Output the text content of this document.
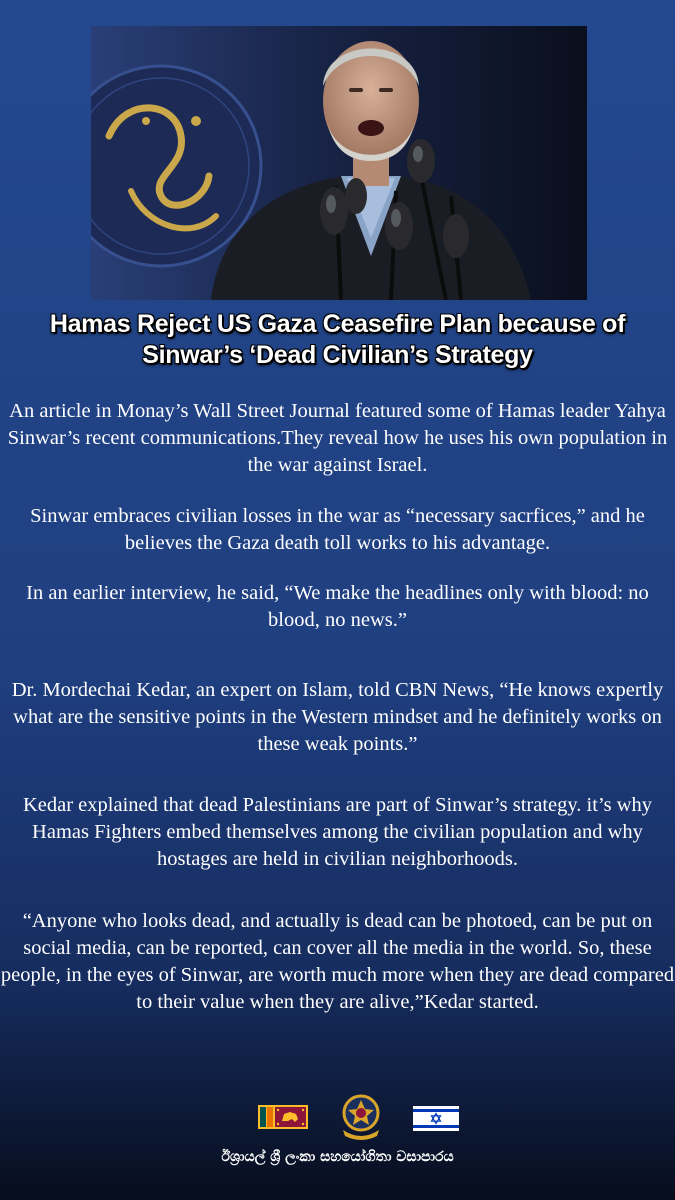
Hamas Reject US Gaza Ceasefire Plan because of Sinwar’s ‘Dead Civilian’s Strategy

An article in Monay’s Wall Street Journal featured some of Hamas leader Yahya Sinwar’s recent communications.They reveal how he uses his own population in the war against Israel.

Sinwar embraces civilian losses in the war as “necessary sacrfices,” and he believes the Gaza death toll works to his advantage.

In an earlier interview, he said, “We make the headlines only with blood: no blood, no news.”

Dr. Mordechai Kedar, an expert on Islam, told CBN News, “He knows expertly what are the sensitive points in the Western mindset and he definitely works on these weak points.”

Kedar explained that dead Palestinians are part of Sinwar’s strategy. it’s why Hamas Fighters embed themselves among the civilian population and why hostages are held in civilian neighborhoods.

“Anyone who looks dead, and actually is dead can be photoed, can be put on social media, can be reported, can cover all the media in the world. So, these people, in the eyes of Sinwar, are worth much more when they are dead compared to their value when they are alive,”Kedar started.

ඊශ්‍රායල් ශ්‍රී ලංකා සහයෝගිතා වසාපාරය
